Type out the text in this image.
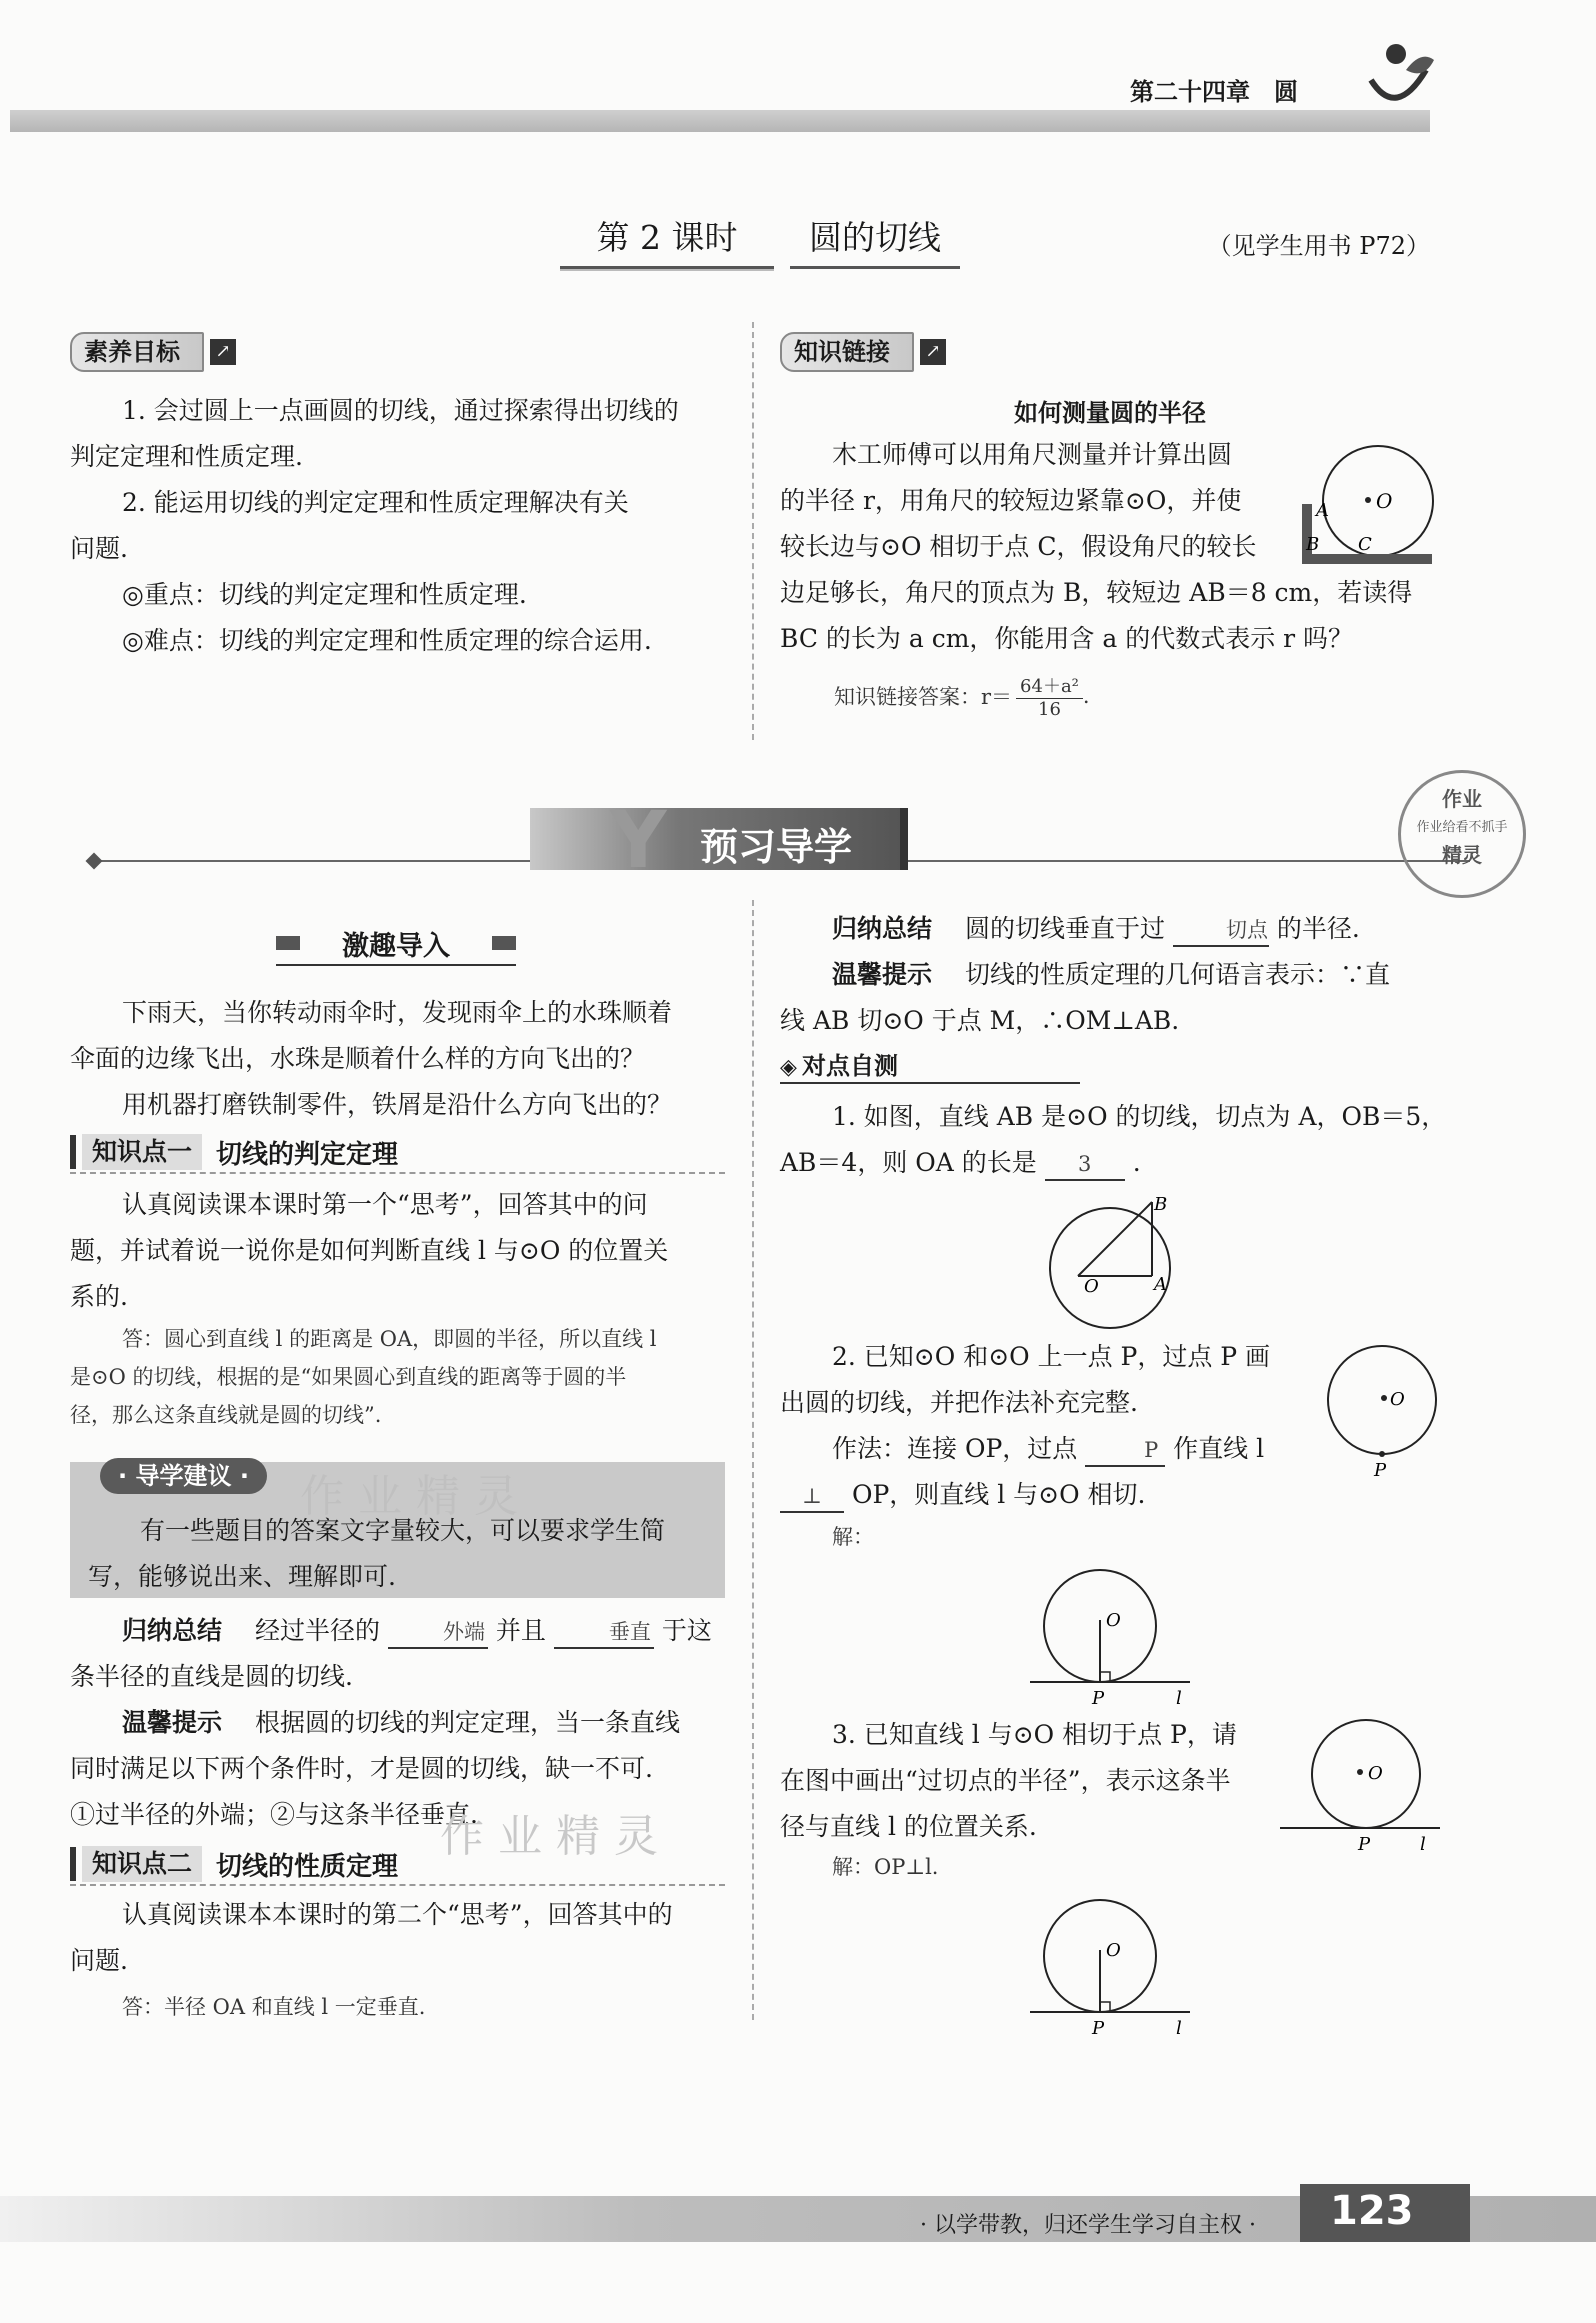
第二十四章　圆
第 2 课时	圆的切线	（见学生用书 P72）
素养目标	↗
1. 会过圆上一点画圆的切线，通过探索得出切线的
判定定理和性质定理.
2. 能运用切线的判定定理和性质定理解决有关
问题.
◎重点：切线的判定定理和性质定理.
◎难点：切线的判定定理和性质定理的综合运用.
知识链接	↗
如何测量圆的半径
木工师傅可以用角尺测量并计算出圆
的半径 r，用角尺的较短边紧靠⊙O，并使
较长边与⊙O 相切于点 C，假设角尺的较长
边足够长，角尺的顶点为 B，较短边 AB＝8 cm，若读得
BC 的长为 a cm，你能用含 a 的代数式表示 r 吗？
O
A
B C
知识链接答案：$r= \frac{\text{64＋a²}}{16}$ .
Y 预习导学
作业
作业给看不抓手
精灵
激趣导入
下雨天，当你转动雨伞时，发现雨伞上的水珠顺着
伞面的边缘飞出，水珠是顺着什么样的方向飞出的？
用机器打磨铁制零件，铁屑是沿什么方向飞出的？
知识点一 切线的判定定理
认真阅读课本课时第一个“思考”，回答其中的问
题，并试着说一说你是如何判断直线 l 与⊙O 的位置关
系的.
答：圆心到直线 l 的距离是 OA，即圆的半径，所以直线 l
是⊙O 的切线，根据的是“如果圆心到直线的距离等于圆的半
径，那么这条直线就是圆的切线”.
· 导学建议 ·	作业精灵
有一些题目的答案文字量较大，可以要求学生简
写，能够说出来、理解即可.
归纳总结 　 经过半径的	外端 并且	垂直 于这
条半径的直线是圆的切线.
温馨提示 　 根据圆的切线的判定定理，当一条直线
同时满足以下两个条件时，才是圆的切线，缺一不可.
①过半径的外端；②与这条半径垂直.
作业精灵
知识点二 切线的性质定理
认真阅读课本本课时的第二个“思考”，回答其中的
问题.
答：半径 OA 和直线 l 一定垂直.
归纳总结 　 圆的切线垂直于过	切点 的半径.
温馨提示 　 切线的性质定理的几何语言表示：∵直
线 AB 切⊙O 于点 M，∴OM⊥AB.
◈ 对点自测
1. 如图，直线 AB 是⊙O 的切线，切点为 A，OB＝5，
AB＝4，则 OA 的长是 3 .
O	A
B
2. 已知⊙O 和⊙O 上一点 P，过点 P 画
出圆的切线，并把作法补充完整.
作法：连接 OP，过点	P 作直线 l
⊥ OP，则直线 l 与⊙O 相切.
解：
O
P
O
P	l
3. 已知直线 l 与⊙O 相切于点 P，请
在图中画出“过切点的半径”，表示这条半
径与直线 l 的位置关系.
解：OP⊥l.
O
P	l
O
P	l
123
· 以学带教，归还学生学习自主权 ·
